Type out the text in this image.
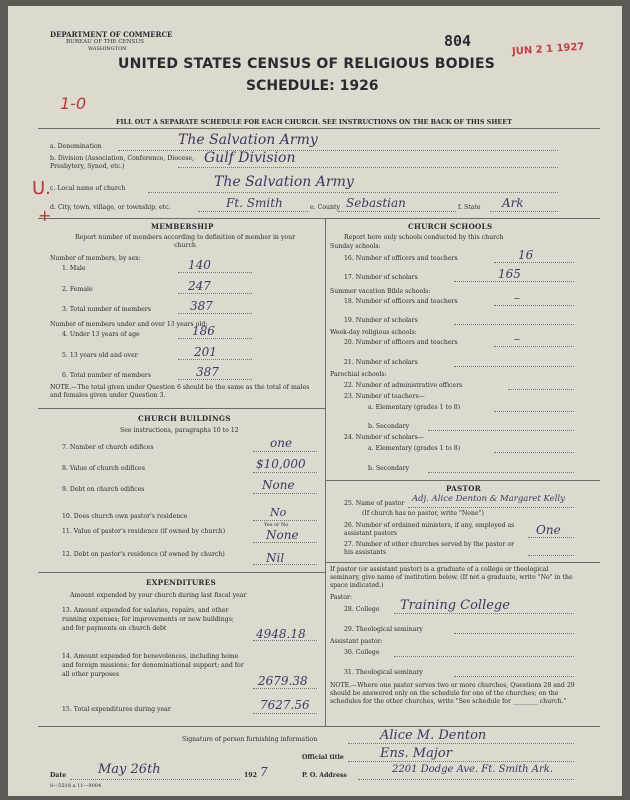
DEPARTMENT OF COMMERCE
BUREAU OF THE CENSUS
WASHINGTON	804	JUN 2 1 1927
UNITED STATES CENSUS OF RELIGIOUS BODIES
SCHEDULE: 1926
1-0
FILL OUT A SEPARATE SCHEDULE FOR EACH CHURCH. SEE INSTRUCTIONS ON THE BACK OF THIS SHEET
a. Denomination	The Salvation Army
b. Division (Association, Conference, Diocese, Presbytery, Synod, etc.)
Gulf Division
U.
+
c. Local name of church	The Salvation Army
d. City, town, village, or township, etc.	Ft. Smith	e. County Sebastian	f. State Ark
MEMBERSHIP
Report number of members according to definition of member in your church
Number of members, by sex:
1. Male	140
2. Female	247
3. Total number of members	387
Number of members under and over 13 years old:
4. Under 13 years of age	186
5. 13 years old and over	201
6. Total number of members	387
NOTE.—The total given under Question 6 should be the same as the total of males and females given under Question 3.
CHURCH BUILDINGS
See instructions, paragraphs 10 to 12
7. Number of church edifices	one
8. Value of church edifices	$10,000
9. Debt on church edifices	None
10. Does church own pastor's residence	No
Yes or No
11. Value of pastor's residence (if owned by church)	None
12. Debt on pastor's residence (if owned by church)	Nil
EXPENDITURES
Amount expended by your church during last fiscal year
13. Amount expended for salaries, repairs, and other running expenses; for improvements or new buildings; and for payments on church debt	4948.18
14. Amount expended for benevolences, including home and foreign missions; for denominational support; and for all other purposes	2679.38
15. Total expenditures during year	7627.56
CHURCH SCHOOLS
Report here only schools conducted by this church
Sunday schools:
16. Number of officers and teachers	16
17. Number of scholars	165
Summer vacation Bible schools:
18. Number of officers and teachers	–
19. Number of scholars
Week-day religious schools:
20. Number of officers and teachers	–
21. Number of scholars
Parochial schools:
22. Number of administrative officers
23. Number of teachers—
a. Elementary (grades 1 to 8)
b. Secondary
24. Number of scholars—
a. Elementary (grades 1 to 8)
b. Secondary
PASTOR
25. Name of pastor Adj. Alice Denton & Margaret Kelly
(If church has no pastor, write "None")
26. Number of ordained ministers, if any, employed as assistant pastors	One
27. Number of other churches served by the pastor or his assistants
If pastor (or assistant pastor) is a graduate of a college or theological seminary, give name of institution below. (If not a graduate, write "No" in the space indicated.)
Pastor:
28. College Training College
29. Theological seminary
Assistant pastor:
30. College
31. Theological seminary
NOTE.—Where one pastor serves two or more churches, Questions 28 and 29 should be answered only on the schedule for one of the churches; on the schedules for the other churches, write "See schedule for ________ church."
Signature of person furnishing information	Alice M. Denton
Official title	Ens. Major
Date May 26th	192 7	P. O. Address
2201 Dodge Ave. Ft. Smith Ark.
8—5518 a 11—9004
